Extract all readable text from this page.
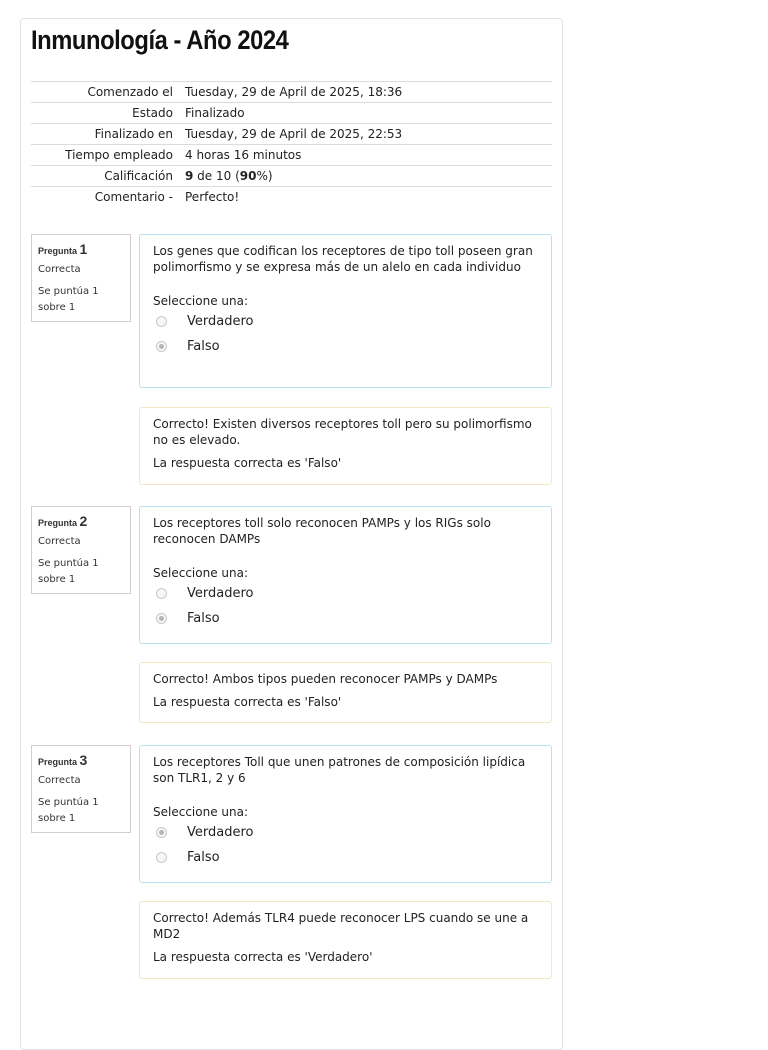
Inmunología - Año 2024
Comenzado el	Tuesday, 29 de April de 2025, 18:36
Estado	Finalizado
Finalizado en	Tuesday, 29 de April de 2025, 22:53
Tiempo empleado	4 horas 16 minutos
Calificación	9 de 10 (90%)
Comentario -	Perfecto!
Pregunta 1
Correcta
Se puntúa 1 sobre 1

Los genes que codifican los receptores de tipo toll poseen gran polimorfismo y se expresa más de un alelo en cada individuo

Seleccione una:
Verdadero
Falso

Correcto! Existen diversos receptores toll pero su polimorfismo no es elevado.

La respuesta correcta es 'Falso'

Pregunta 2
Correcta
Se puntúa 1 sobre 1

Los receptores toll solo reconocen PAMPs y los RIGs solo reconocen DAMPs

Seleccione una:
Verdadero
Falso

Correcto! Ambos tipos pueden reconocer PAMPs y DAMPs

La respuesta correcta es 'Falso'

Pregunta 3
Correcta
Se puntúa 1 sobre 1

Los receptores Toll que unen patrones de composición lipídica son TLR1, 2 y 6

Seleccione una:
Verdadero
Falso

Correcto! Además TLR4 puede reconocer LPS cuando se une a MD2

La respuesta correcta es 'Verdadero'
